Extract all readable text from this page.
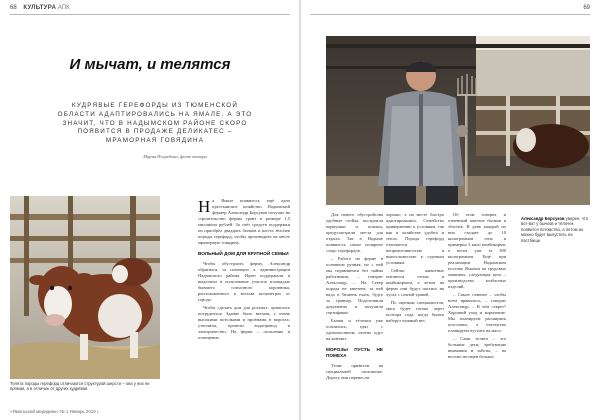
68 КУЛЬТУРА АПК
И мычат, и телятся
КУДРЯВЫЕ ГЕРЕФОРДЫ ИЗ ТЮМЕНСКОЙ ОБЛАСТИ АДАПТИРОВАЛИСЬ НА ЯМАЛЕ. А ЭТО ЗНАЧИТ, ЧТО В НАДЫМСКОМ РАЙОНЕ СКОРО ПОЯВИТСЯ В ПРОДАЖЕ ДЕЛИКАТЕС – МРАМОРНАЯ ГОВЯДИНА
Мария Погребова, фото автора
Телята породы герефорд отличаются структурой шерсти – она у них не прямая, а в отличие от других кудрявая.

На Ямале появилось ещё одно крестьянское хозяйство. Надымский фермер Александр Борсуков получил на строительство фермы грант в размере 1,5 миллиона рублей. За счёт средств поддержки он приобрёл двадцать бычков и шесть тёлочек породы герефорд, чтобы производить на месте мраморную говядину.

ВОЛЬНЫЙ ДОМ ДЛЯ КРУПНОЙ СЕМЬИ

Чтобы обустроить ферму, Александр обратился за помощью к администрации Надымского района. Идею поддержали и выделили в пользование участок площадью бывшего совхозного коровника, расположенного в восьми километрах от города.

Чтобы сделать дом для рогатых, пришлось потрудиться. Здание было ветхим, с очень высокими потолками и проёмами в воротах; утеплили, провели водопровод и электричество. На ферме – отопление и освещение.

«Ямальский меридиан» № 1 Январь 2019 г.
69
Александр Борсуков уверен, что вот-вот у бычков и тёлочек появится потомство, а летом их можно будет выпустить на пастбище.

Для нового обустройства удобные стойла, построили кормушки и поилки, предусмотрели места для отдыха. Так в Надыме появилось самое полярное стадо герефордов.

– Работа на ферме в основном ручная, но с ней мы справляемся без найма работников, – говорит Александр. – На Север порода не завезена, за ней надо в Тюмень ехать, будто за границу. Подготовили документы и получили сертификат.

Бычки и тёлочки уже освоились, едят с удовольствием, охотно идут на контакт.

МОРОЗЫ ПУСТЬ НЕ ПОМЕХА

Телят привезли на специальной скотовозке. Дорогу они перенесли

хорошо, а на месте быстро адаптировались. Семейство приверженно к условиям, так как в хозяйстве удобно и тепло. Порода герефорд отличается неприхотливостью и выносливостью к суровым условиям.

Сейчас животные питаются сеном и комбикормом, а летом на ферме они будут пастись на лугах с сочной травой.

По оценкам специалистов, мясо будет готово через полтора года, когда бычки наберут нужный вес.

Об этом говорит и отменный аппетит бычков и тёлочек. В день каждый их них съедает до 10 килограммов сена и примерно 3 кило комбикорма, а весит уже за 300 килограммов. Ещё при реализации Надымском поселке Ямалом на трудовых машинах, следующая цель – производство колбасных изделий.

– Самое главное – чтобы всем нравилось, – говорит Александр. – В чём секрет? Хороший уход и кормление. Мы планируем расширить поголовье, а потомство планируем пустить на мясо.

– Сами телята – это большие дети, требующие внимания и заботы, – на восемь месяцев больше.
